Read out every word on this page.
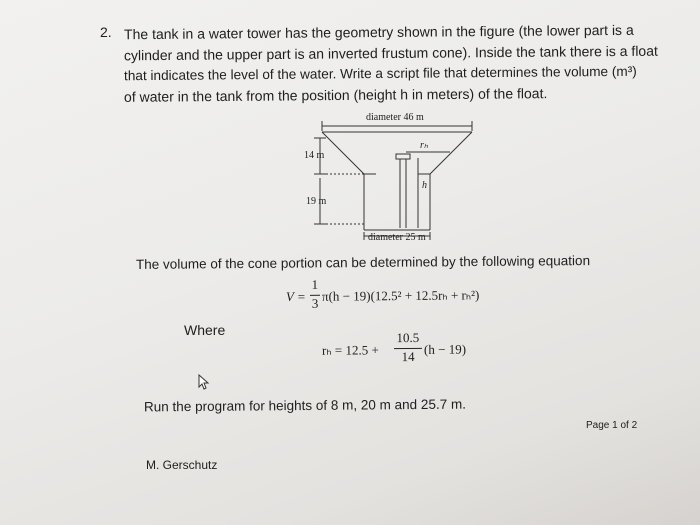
2. The tank in a water tower has the geometry shown in the figure (the lower part is a
cylinder and the upper part is an inverted frustum cone). Inside the tank there is a float
that indicates the level of the water. Write a script file that determines the volume (m³)
of water in the tank from the position (height h in meters) of the float.
diameter 46 m
14 m
19 m
rₕ
h
diameter 25 m
The volume of the cone portion can be determined by the following equation
V =
1
3 π(h − 19)(12.5² + 12.5rₕ + rₕ²)
Where
rₕ = 12.5 +
10.5
14 (h − 19)
Run the program for heights of 8 m, 20 m and 25.7 m.
Page 1 of 2
M. Gerschutz
